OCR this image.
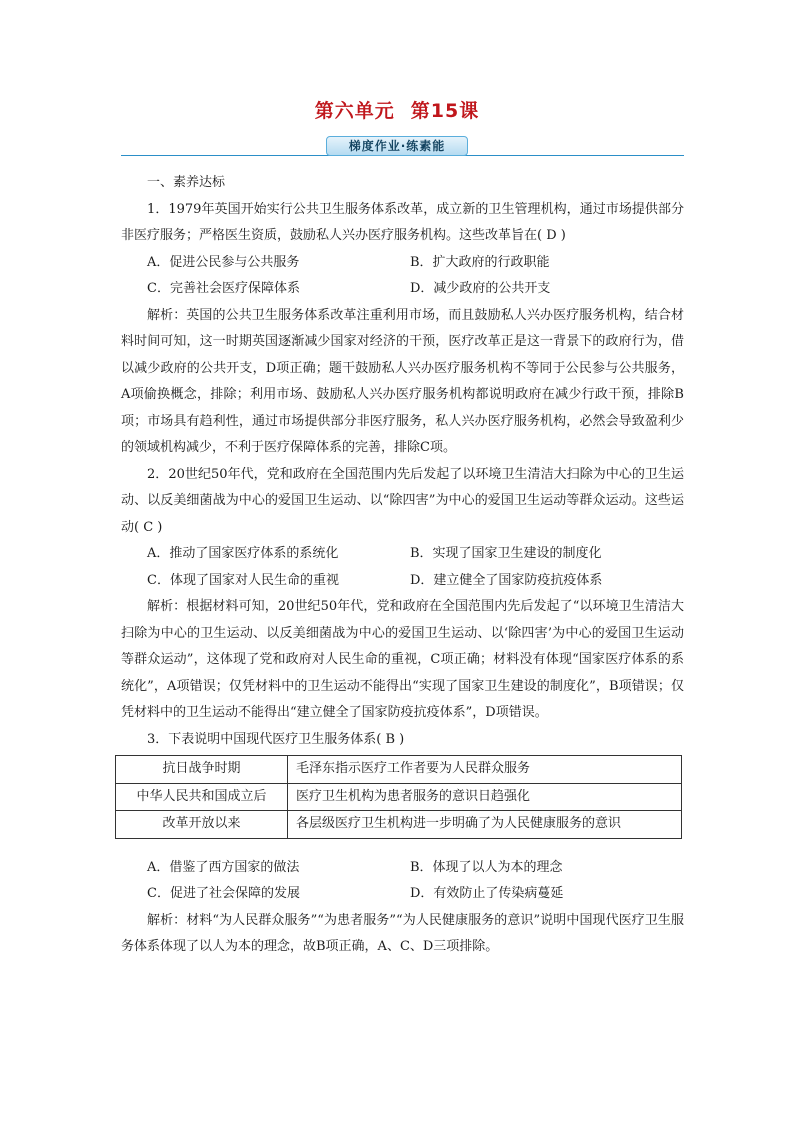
第六单元 第15课
梯度作业·练素能

一、素养达标

1．1979年英国开始实行公共卫生服务体系改革，成立新的卫生管理机构，通过市场提供部分非医疗服务；严格医生资质，鼓励私人兴办医疗服务机构。这些改革旨在( D )

A．促进公民参与公共服务	B．扩大政府的行政职能
C．完善社会医疗保障体系	D．减少政府的公共开支

解析：英国的公共卫生服务体系改革注重利用市场，而且鼓励私人兴办医疗服务机构，结合材料时间可知，这一时期英国逐渐减少国家对经济的干预，医疗改革正是这一背景下的政府行为，借以减少政府的公共开支，D项正确；题干鼓励私人兴办医疗服务机构不等同于公民参与公共服务，A项偷换概念，排除；利用市场、鼓励私人兴办医疗服务机构都说明政府在减少行政干预，排除B项；市场具有趋利性，通过市场提供部分非医疗服务，私人兴办医疗服务机构，必然会导致盈利少的领域机构减少，不利于医疗保障体系的完善，排除C项。

2．20世纪50年代，党和政府在全国范围内先后发起了以环境卫生清洁大扫除为中心的卫生运动、以反美细菌战为中心的爱国卫生运动、以“除四害”为中心的爱国卫生运动等群众运动。这些运动( C )

A．推动了国家医疗体系的系统化	B．实现了国家卫生建设的制度化
C．体现了国家对人民生命的重视	D．建立健全了国家防疫抗疫体系

解析：根据材料可知，20世纪50年代，党和政府在全国范围内先后发起了“以环境卫生清洁大扫除为中心的卫生运动、以反美细菌战为中心的爱国卫生运动、以‘除四害’为中心的爱国卫生运动等群众运动”，这体现了党和政府对人民生命的重视，C项正确；材料没有体现“国家医疗体系的系统化”，A项错误；仅凭材料中的卫生运动不能得出“实现了国家卫生建设的制度化”，B项错误；仅凭材料中的卫生运动不能得出“建立健全了国家防疫抗疫体系”，D项错误。

3．下表说明中国现代医疗卫生服务体系( B )

抗日战争时期	毛泽东指示医疗工作者要为人民群众服务
中华人民共和国成立后	医疗卫生机构为患者服务的意识日趋强化
改革开放以来	各层级医疗卫生机构进一步明确了为人民健康服务的意识
A．借鉴了西方国家的做法	B．体现了以人为本的理念
C．促进了社会保障的发展	D．有效防止了传染病蔓延

解析：材料“为人民群众服务”“为患者服务”“为人民健康服务的意识”说明中国现代医疗卫生服务体系体现了以人为本的理念，故B项正确，A、C、D三项排除。
